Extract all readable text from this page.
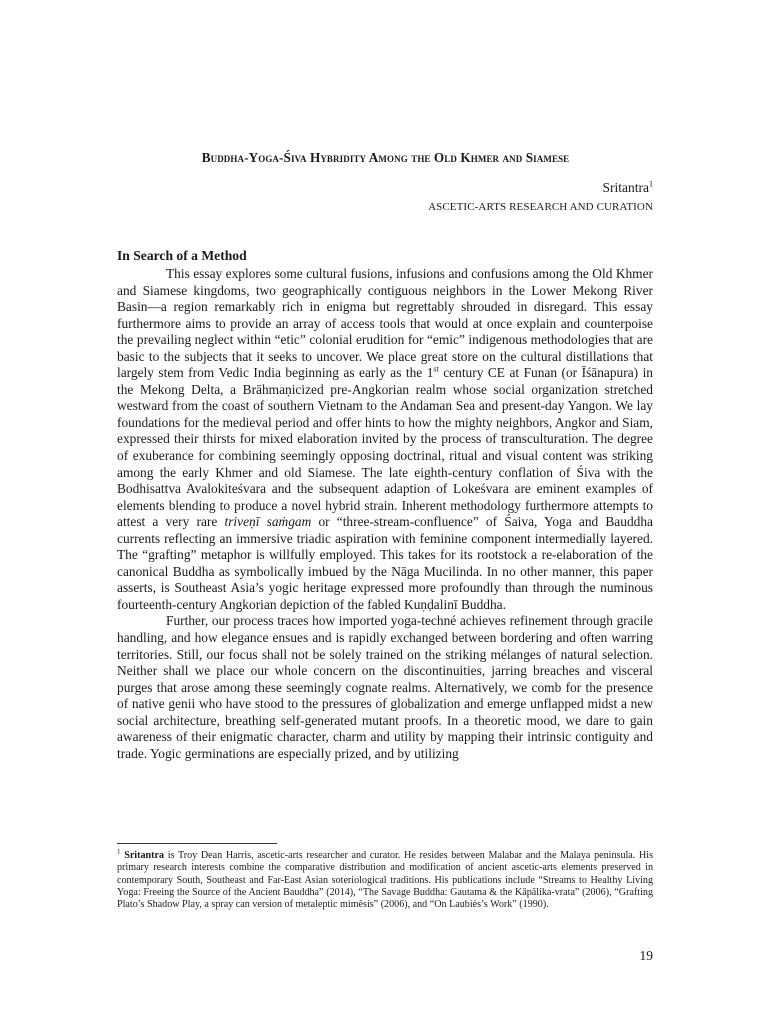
Buddha-Yoga-Śiva Hybridity Among the Old Khmer and Siamese
Sritantra$^1$
ASCETIC-ARTS RESEARCH AND CURATION
In Search of a Method

This essay explores some cultural fusions, infusions and confusions among the Old Khmer and Siamese kingdoms, two geographically contiguous neighbors in the Lower Mekong River Basin—a region remarkably rich in enigma but regrettably shrouded in disregard. This essay furthermore aims to provide an array of access tools that would at once explain and counterpoise the prevailing neglect within “etic” colonial erudition for “emic” indigenous methodologies that are basic to the subjects that it seeks to uncover. We place great store on the cultural distillations that largely stem from Vedic India beginning as early as the 1st century CE at Funan (or Īśānapura) in the Mekong Delta, a Brāhmaṇicized pre-Angkorian realm whose social organization stretched westward from the coast of southern Vietnam to the Andaman Sea and present-day Yangon. We lay foundations for the medieval period and offer hints to how the mighty neighbors, Angkor and Siam, expressed their thirsts for mixed elaboration invited by the process of transculturation. The degree of exuberance for combining seemingly opposing doctrinal, ritual and visual content was striking among the early Khmer and old Siamese. The late eighth-century conflation of Śiva with the Bodhisattva Avalokiteśvara and the subsequent adaption of Lokeśvara are eminent examples of elements blending to produce a novel hybrid strain. Inherent methodology furthermore attempts to attest a very rare triveṇī saṁgam or “three-stream-confluence” of Śaiva, Yoga and Bauddha currents reflecting an immersive triadic aspiration with feminine component intermedially layered. The “grafting” metaphor is willfully employed. This takes for its rootstock a re-elaboration of the canonical Buddha as symbolically imbued by the Nāga Mucilinda. In no other manner, this paper asserts, is Southeast Asia’s yogic heritage expressed more profoundly than through the numinous fourteenth-century Angkorian depiction of the fabled Kuṇḍalinī Buddha.

Further, our process traces how imported yoga-techné achieves refinement through gracile handling, and how elegance ensues and is rapidly exchanged between bordering and often warring territories. Still, our focus shall not be solely trained on the striking mélanges of natural selection. Neither shall we place our whole concern on the discontinuities, jarring breaches and visceral purges that arose among these seemingly cognate realms. Alternatively, we comb for the presence of native genii who have stood to the pressures of globalization and emerge unflapped midst a new social architecture, breathing self-generated mutant proofs. In a theoretic mood, we dare to gain awareness of their enigmatic character, charm and utility by mapping their intrinsic contiguity and trade. Yogic germinations are especially prized, and by utilizing

$^1$ Sritantra is Troy Dean Harris, ascetic-arts researcher and curator. He resides between Malabar and the Malaya peninsula. His primary research interests combine the comparative distribution and modification of ancient ascetic-arts elements preserved in contemporary South, Southeast and Far-East Asian soteriological traditions. His publications include “Streams to Healthy Living Yoga: Freeing the Source of the Ancient Bauddha” (2014), “The Savage Buddha: Gautama & the Kāpālika-vrata” (2006), “Grafting Plato’s Shadow Play, a spray can version of metaleptic mimêsis” (2006), and “On Laubiès’s Work” (1990).
19
